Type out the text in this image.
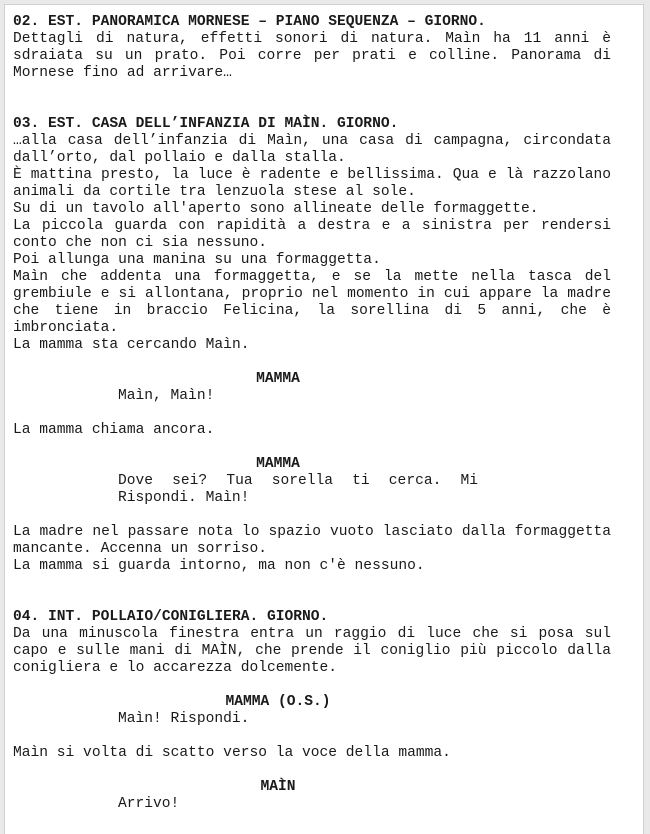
02. EST. PANORAMICA MORNESE – PIANO SEQUENZA – GIORNO.
Dettagli di natura, effetti sonori di natura. Maìn ha 11 anni è sdraiata su un prato. Poi corre per prati e colline. Panorama di Mornese fino ad arrivare…
03. EST. CASA DELL’INFANZIA DI MAÌN. GIORNO.
…alla casa dell’infanzia di Maìn, una casa di campagna, circondata dall’orto, dal pollaio e dalla stalla.
È mattina presto, la luce è radente e bellissima. Qua e là razzolano animali da cortile tra lenzuola stese al sole.
Su di un tavolo all'aperto sono allineate delle formaggette.
La piccola guarda con rapidità a destra e a sinistra per rendersi conto che non ci sia nessuno.
Poi allunga una manina su una formaggetta.
Maìn che addenta una formaggetta, e se la mette nella tasca del grembiule e si allontana, proprio nel momento in cui appare la madre che tiene in braccio Felicina, la sorellina di 5 anni, che è imbronciata.
La mamma sta cercando Maìn.
MAMMA
Maìn, Maìn!
La mamma chiama ancora.
MAMMA
Dove sei? Tua sorella ti cerca. Mi Rispondi. Maìn!
La madre nel passare nota lo spazio vuoto lasciato dalla formaggetta mancante. Accenna un sorriso.
La mamma si guarda intorno, ma non c'è nessuno.
04. INT. POLLAIO/CONIGLIERA. GIORNO.
Da una minuscola finestra entra un raggio di luce che si posa sul capo e sulle mani di MAÌN, che prende il coniglio più piccolo dalla conigliera e lo accarezza dolcemente.
MAMMA (O.S.)
Maìn! Rispondi.
Maìn si volta di scatto verso la voce della mamma.
MAÌN
Arrivo!
